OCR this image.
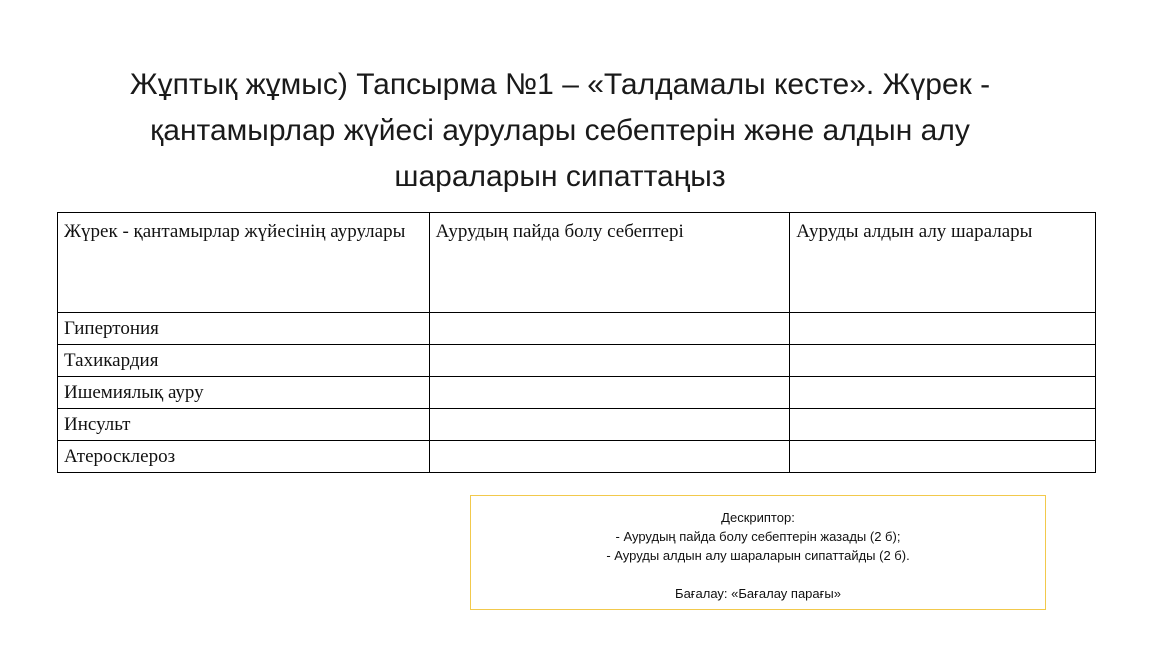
Жұптық жұмыс) Тапсырма №1 – «Талдамалы кесте». Жүрек -
қантамырлар жүйесі аурулары себептерін және алдын алу
шараларын сипаттаңыз
Жүрек - қантамырлар жүйесінің аурулары	Аурудың пайда болу себептері	Ауруды алдын алу шаралары
Гипертония		
Тахикардия		
Ишемиялық ауру		
Инсульт		
Атеросклероз		
Дескриптор:
- Аурудың пайда болу себептерін жазады (2 б);
- Ауруды алдын алу шараларын сипаттайды (2 б).
Бағалау: «Бағалау парағы»
